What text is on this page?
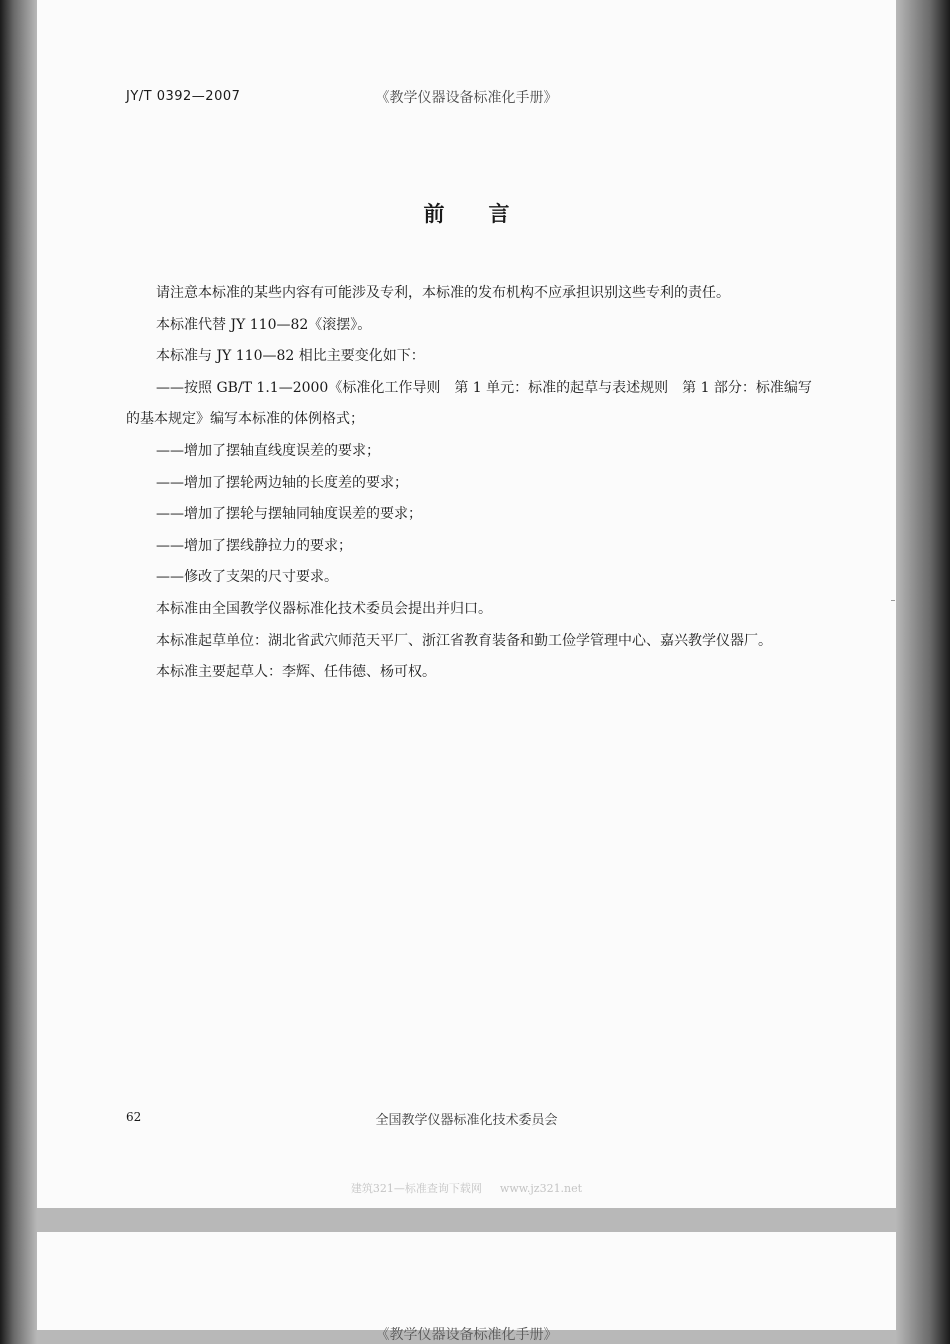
JY/T 0392—2007	《教学仪器设备标准化手册》
前言

请注意本标准的某些内容有可能涉及专利，本标准的发布机构不应承担识别这些专利的责任。

本标准代替 JY 110—82《滚摆》。

本标准与 JY 110—82 相比主要变化如下：

——按照 GB/T 1.1—2000《标准化工作导则　第 1 单元：标准的起草与表述规则　第 1 部分：标准编写的基本规定》编写本标准的体例格式；

——增加了摆轴直线度误差的要求；

——增加了摆轮两边轴的长度差的要求；

——增加了摆轮与摆轴同轴度误差的要求；

——增加了摆线静拉力的要求；

——修改了支架的尺寸要求。

本标准由全国教学仪器标准化技术委员会提出并归口。

本标准起草单位：湖北省武穴师范天平厂、浙江省教育装备和勤工俭学管理中心、嘉兴教学仪器厂。

本标准主要起草人：李辉、任伟德、杨可权。

62	全国教学仪器标准化技术委员会
建筑321—标准查询下载网 www.jz321.net
《教学仪器设备标准化手册》
